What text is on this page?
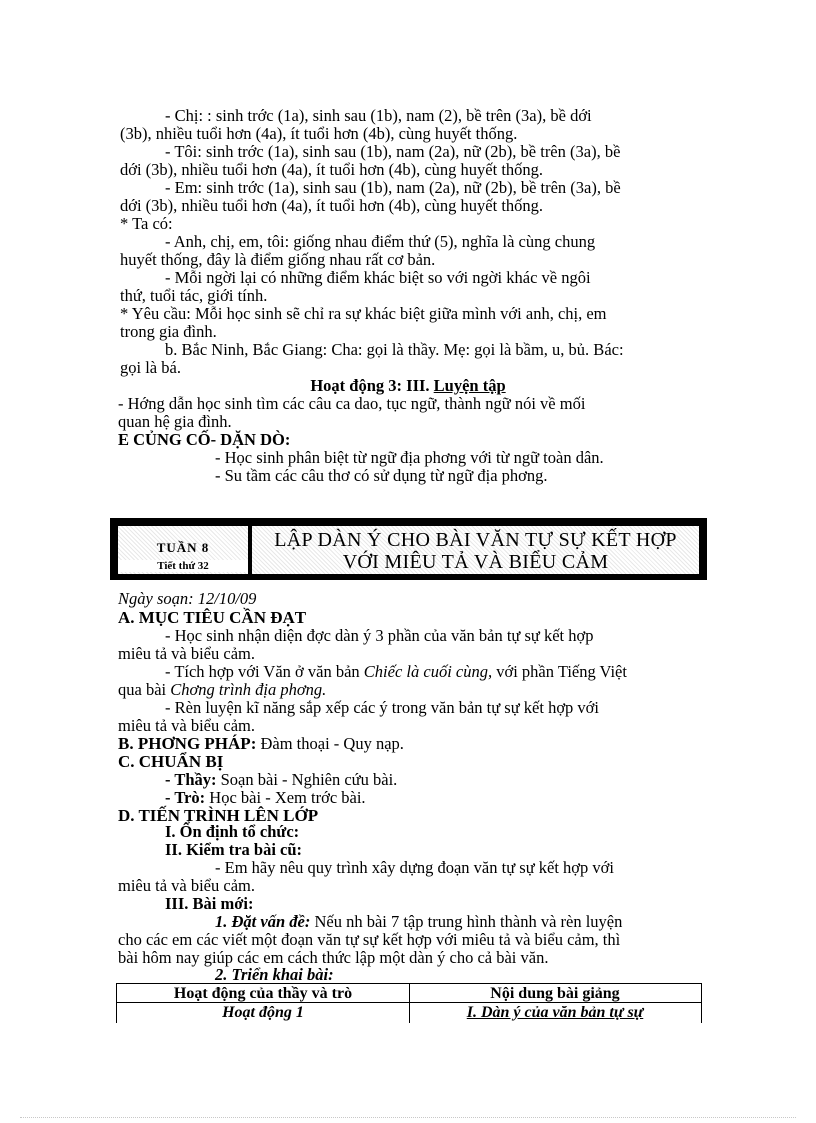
- Chị: : sinh trớc (1a), sinh sau (1b), nam (2), bề trên (3a), bề dới
(3b), nhiều tuổi hơn (4a), ít tuổi hơn (4b), cùng huyết thống.
- Tôi: sinh trớc (1a), sinh sau (1b), nam (2a), nữ (2b), bề trên (3a), bề
dới (3b), nhiều tuổi hơn (4a), ít tuổi hơn (4b), cùng huyết thống.
- Em: sinh trớc (1a), sinh sau (1b), nam (2a), nữ (2b), bề trên (3a), bề
dới (3b), nhiều tuổi hơn (4a), ít tuổi hơn (4b), cùng huyết thống.
* Ta có:
- Anh, chị, em, tôi: giống nhau điểm thứ (5), nghĩa là cùng chung
huyết thống, đây là điểm giống nhau rất cơ bản.
- Mỗi ngời lại có những điểm khác biệt so với ngời khác về ngôi
thứ, tuổi tác, giới tính.
* Yêu cầu: Mỗi học sinh sẽ chỉ ra sự khác biệt giữa mình với anh, chị, em
trong gia đình.
b. Bắc Ninh, Bắc Giang: Cha: gọi là thầy. Mẹ: gọi là bầm, u, bủ. Bác:
gọi là bá.
Hoạt động 3: III. Luyện tập
- Hớng dẫn học sinh tìm các câu ca dao, tục ngữ, thành ngữ nói về mối
quan hệ gia đình.
E CỦNG CỐ- DẶN DÒ:
- Học sinh phân biệt từ ngữ địa phơng với từ ngữ toàn dân.
- Su tầm các câu thơ có sử dụng từ ngữ địa phơng.
TUẦN 8
Tiết thứ 32
LẬP DÀN Ý CHO BÀI VĂN TỰ SỰ KẾT HỢP
VỚI MIÊU TẢ VÀ BIỂU CẢM
Ngày soạn: 12/10/09
A. MỤC TIÊU CẦN ĐẠT
- Học sinh nhận diện đợc dàn ý 3 phần của văn bản tự sự kết hợp
miêu tả và biểu cảm.
- Tích hợp với Văn ở văn bản Chiếc là cuối cùng, với phần Tiếng Việt
qua bài Chơng trình địa phơng.
- Rèn luyện kĩ năng sắp xếp các ý trong văn bản tự sự kết hợp với
miêu tả và biểu cảm.
B. PHƠNG PHÁP: Đàm thoại - Quy nạp.
C. CHUẨN BỊ
- Thầy: Soạn bài - Nghiên cứu bài.
- Trò: Học bài - Xem trớc bài.
D. TIẾN TRÌNH LÊN LỚP
I. Ổn định tổ chức:
II. Kiểm tra bài cũ:
- Em hãy nêu quy trình xây dựng đoạn văn tự sự kết hợp với
miêu tả và biểu cảm.
III. Bài mới:
1. Đặt vấn đề: Nếu nh bài 7 tập trung hình thành và rèn luyện
cho các em các viết một đoạn văn tự sự kết hợp với miêu tả và biểu cảm, thì
bài hôm nay giúp các em cách thức lập một dàn ý cho cả bài văn.
2. Triển khai bài:
Hoạt động của thầy và trò	Nội dung bài giảng
Hoạt động 1	I. Dàn ý của văn bản tự sự
